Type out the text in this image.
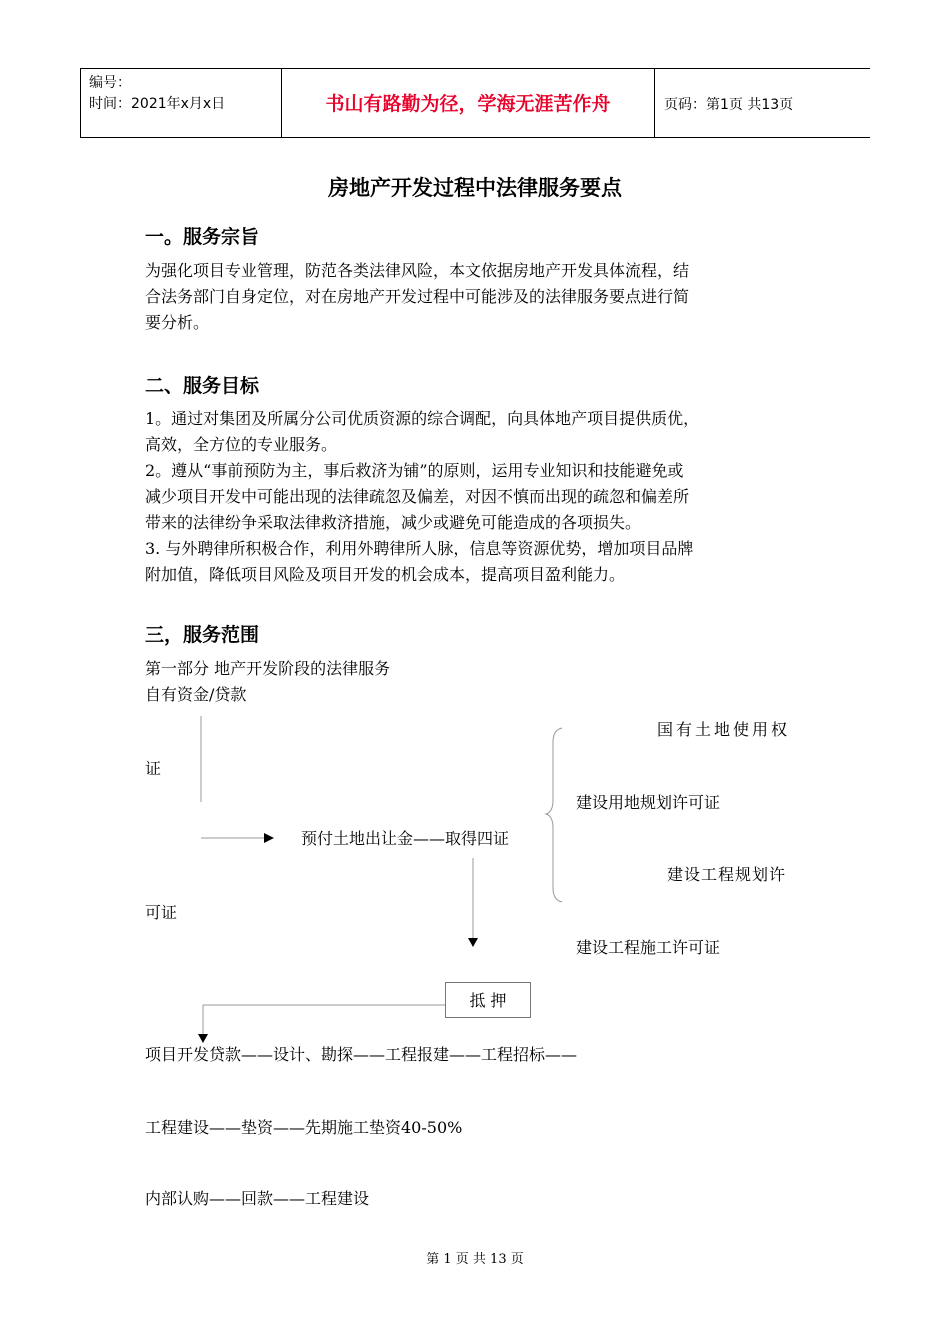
编号：
时间：2021年x月x日	书山有路勤为径，学海无涯苦作舟	页码：第1页 共13页
房地产开发过程中法律服务要点
一。服务宗旨
为强化项目专业管理，防范各类法律风险，本文依据房地产开发具体流程，结
合法务部门自身定位，对在房地产开发过程中可能涉及的法律服务要点进行简
要分析。
二、服务目标
1。通过对集团及所属分公司优质资源的综合调配，向具体地产项目提供质优，
高效，全方位的专业服务。
2。遵从“事前预防为主，事后救济为铺”的原则，运用专业知识和技能避免或
减少项目开发中可能出现的法律疏忽及偏差，对因不慎而出现的疏忽和偏差所
带来的法律纷争采取法律救济措施，减少或避免可能造成的各项损失。
3. 与外聘律所积极合作，利用外聘律所人脉，信息等资源优势，增加项目品牌
附加值，降低项目风险及项目开发的机会成本，提高项目盈利能力。
三，服务范围
第一部分 地产开发阶段的法律服务
自有资金/贷款
国有土地使用权
证
建设用地规划许可证
预付土地出让金——取得四证
建设工程规划许
可证
建设工程施工许可证
抵 押
项目开发贷款——设计、勘探——工程报建——工程招标——
工程建设——垫资——先期施工垫资40-50%
内部认购——回款——工程建设
第 1 页 共 13 页
